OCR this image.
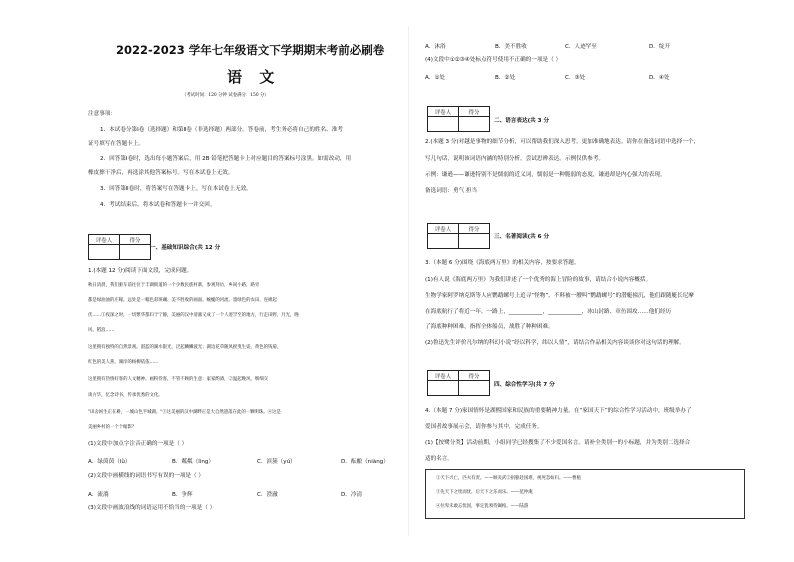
2022-2023 学年七年级语文下学期期末考前必刷卷
语 文
（考试时间：120 分钟 试卷满分：150 分）
注意事项：
1．本试卷分第Ⅰ卷（选择题）和第Ⅱ卷（非选择题）两部分。答卷前，考生务必将自己的姓名、准考
证号填写在答题卡上。
2．回答第Ⅰ卷时，选出每小题答案后，用 2B 铅笔把答题卡上对应题目的答案标号涂黑。如需改动，用
橡皮擦干净后，再选涂其他答案标号。写在本试卷上无效。
3．回答第Ⅱ卷时，将答案写在答题卡上。写在本试卷上无效。
4．考试结束后，将本试卷和答题卡一并交回。
评卷人	得分

一、基础知识综合(共 12 分
1.(本题 12 分)阅读下面文段，完成问题。
秋日清晨，我们驱车前往位于丰湖街道的一个少数民族村寨，参观拜访，乡间小路，路旁
都是绿油油的庄稼。远处是一幅色彩斑斓、美不胜收的画面。蜿蜒的河流、墨绿色的农田、连绵起
伏……①夜深之时，一切繁华都归于宁静，美丽的汉中清澈又成了一个人迹罕至的地方，行走田野，月光，晚
风、稻浪……
这里拥有独特的自然景观。湛蓝的湖水银光，泛起鳞鳞波光；湖边花草随风摇曳生姿，黄色的钱菊，
红色的美人蕉，湖岸的杨柳依依……
这里拥有热情好客的人文精神。画粉待客，不管不顾的生意：家家酌酒，②温起晚风，细细交
谈方毕，忆念诗书，传承优秀的文化。
"田舍闲生正在耕，一城山色半城湖。"③这美丽的汉中湖畔正是大自然遗落在此的一颗明珠。④这是
美丽乡村的一个个缩影？
(1)文段中加点字注音正确的一项是（ ）
A．绿茵茵（lǜ）	B．粼粼（lìng）	C．滨簇（yú）	D．酝酿（niàng）
(2)文段中画横线的词语书写有误的一项是（ ）
A．流淌	B．争辉	C．澄澈	D．冷清
(3)文段中画波浪线的词语运用不恰当的一项是（ ）
A．沐浴	B．美不胜收	C．人迹罕至	D．绽开
(4)文段中①②③④处标点符号使用不正确的一项是（ ）
A．①处	B．②处	C．③处	D．④处
评卷人	得分

二、语言表达(共 3 分
2.(本题 3 分)对越是事物的细节分析，可以帮助我们深入思考，更加准确地表达。请你在备选词语中选择一个，
写几句话，说明该词语内涵的特别分析，尝试思辨表达。示例仅供参考。
示例：谦逊——谦逊特别不是懦弱的近义词，懦弱是一种脆弱的态度，谦逊却是内心强大的表现。
备选词语：勇气 担当
评卷人	得分

三、名著阅读(共 6 分
3.（本题 6 分)围绕《海底两万里》的相关内容，按要求答题。
(1)有人说《海底两万里》为我们讲述了一个优秀的海上冒险的故事，请结合小说内容概括。
生物学家阿罗纳克斯等人应鹦鹉螺号上追寻“怪物”，不料被一艘叫“鹦鹉螺号”的潜艇撞沉，他们跟随艇长尼摩
在海底航行了将近一年。一路上，____________，____________，冰山封路、章鱼围攻……他们经历
了海底种种困难，指挥全体船员，战胜了种种困难。
(2)鲁迅先生评价凡尔纳的科幻小说“经以科学，纬以人情”，请结合作品相关内容谈谈你对这句话的理解。
评卷人	得分

四、综合性学习(共 7 分
4.（本题 7 分)家国情怀是湖熙国家和民族的重要精神力量。在“家国天下”的综合性学习活动中，班级举办了
爱国者故事展示会，请你参与其中，完成任务。
(1)【按鹭分类】活动前期，小组同学已经搜集了不少爱国名言。请补全类别一的小标题，并为类别二选择合
适的名言。
①天下兴亡，匹夫有责。——顾炎武②捐躯赴国难，视死忽如归。——曹植
③先天下之忧而忧，后天下之乐而乐。——范仲淹
④位卑未敢忘忧国，事定犹须待阖棺。——陆游
